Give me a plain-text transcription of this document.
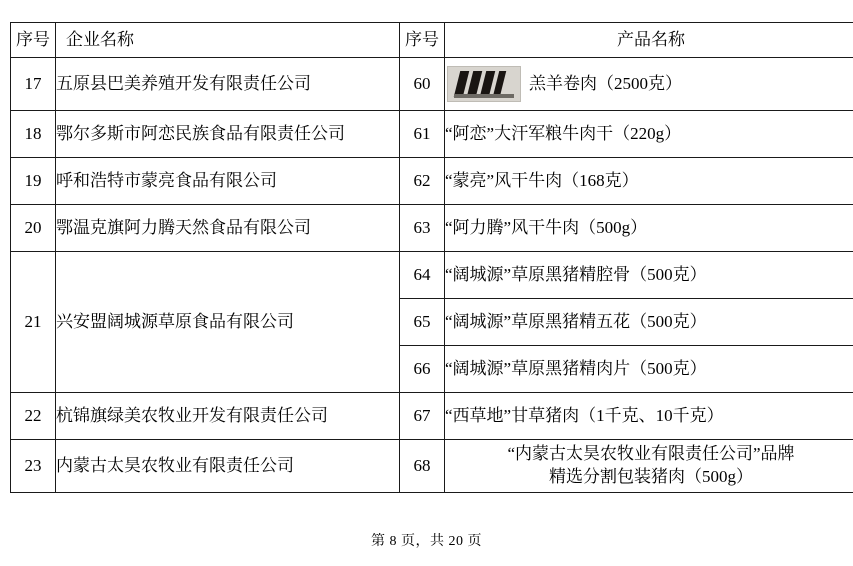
序号	企业名称	序号	产品名称
17	五原县巴美养殖开发有限责任公司	60	羔羊卷肉（2500克）

18	鄂尔多斯市阿恋民族食品有限责任公司	61	“阿恋”大汗军粮牛肉干（220g）
19	呼和浩特市蒙亮食品有限公司	62	“蒙亮”风干牛肉（168克）
20	鄂温克旗阿力腾天然食品有限公司	63	“阿力腾”风干牛肉（500g）
21	兴安盟阔城源草原食品有限公司	64	“阔城源”草原黑猪精腔骨（500克）
		65	“阔城源”草原黑猪精五花（500克）
		66	“阔城源”草原黑猪精肉片（500克）
22	杭锦旗绿美农牧业开发有限责任公司	67	“西草地”甘草猪肉（1千克、10千克）
23	内蒙古太昊农牧业有限责任公司	68	“内蒙古太昊农牧业有限责任公司”品牌
精选分割包装猪肉（500g）
第 8 页，共 20 页
